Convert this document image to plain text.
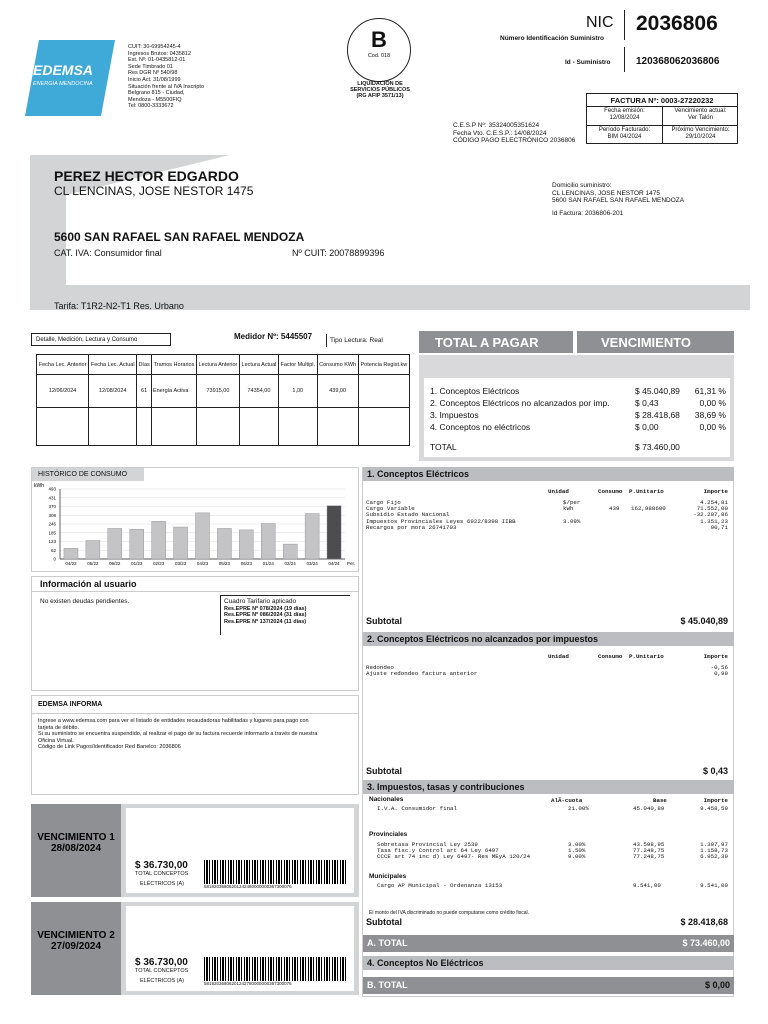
EDEMSA
ENERGIA MENDOCINA
CUIT: 30-69954245-4
Ingresos Brutos: 0435812
Est. Nº: 01-0435812-01
Sede Timbrado 01
Res DGR Nº 540/98
Inicio Act. 31/08/1999
Situación frente al IVA Inscripto
Belgrano 815 - Ciudad,
Mendoza - M5500FIQ
Tel: 0800-3333672
B
Cod. 018
LIQUIDACIÓN DE
SERVICIOS PÚBLICOS
(RG AFIP 3571/13)
NIC 2036806
Número Identificación Suministro
Id - Suministro	120368062036806
C.E.S.P Nº: 35324005351624
Fecha Vto. C.E.S.P.: 14/08/2024
CÓDIGO PAGO ELECTRÓNICO 2036806
FACTURA Nº: 0003-27220232
Fecha emisión:
12/08/2024
Vencimiento actual:
Ver Talón
Período Facturado:
BIM 04/2024
Próximo Vencimiento:
29/10/2024
PEREZ HECTOR EDGARDO
CL LENCINAS, JOSE NESTOR 1475
5600 SAN RAFAEL SAN RAFAEL MENDOZA
CAT. IVA: Consumidor final	Nº CUIT: 20078899396
Tarifa: T1R2-N2-T1 Res. Urbano
Domicilio suministro:
CL LENCINAS, JOSE NESTOR 1475
5600 SAN RAFAEL SAN RAFAEL MENDOZA
Id Factura: 2036806-201
Detalle, Medición, Lectura y Consumo	Medidor Nº: 5445507	Tipo Lectura: Real
Fecha Lec. Anterior	Fecha Lec. Actual	Días	Tramos Horarios	Lectura Anterior	Lectura Actual	Factor Multipl.	Consumo KWh	Potencia Regist.kw
12/06/2024	12/08/2024	61	Energía Activa	73915,00	74354,00	1,00	439,00	

TOTAL A PAGAR	VENCIMIENTO
1. Conceptos Eléctricos	$ 45.040,89 61,31 %
2. Conceptos Eléctricos no alcanzados por imp.	$ 0,43	0,00 %
3. Impuestos	$ 28.418,68 38,69 %
4. Conceptos no eléctricos	$ 0,00	0,00 %
TOTAL	$ 73.460,00
HISTÓRICO DE CONSUMO
kWh
0
62
123
185
246
308
370
431
493
04/22 05/22 06/22 01/23 02/23 03/23 04/23 05/23 06/23 01/24 02/24 03/24 04/24 Per.
Información al usuario
No existen deudas pendientes.	Cuadro Tarifario aplicado
Res.EPRE Nº 078/2024 (19 días)
Res.EPRE Nº 086/2024 (31 días)
Res.EPRE Nº 137/2024 (11 días)
EDEMSA INFORMA
Ingrese a www.edemsa.com para ver el listado de entidades recaudadoras habilitadas y lugares para pago con
tarjeta de débito.
Si su suministro se encuentra suspendido, al realizar el pago de su factura recuerde informarlo a través de nuestra
Oficina Virtual.
Código de Link Pagos/Identificador Red Banelco: 2036806
VENCIMIENTO 1
28/08/2024
$ 36.730,00
TOTAL CONCEPTOS
ELÉCTRICOS (A)	58192036806201242480000000367300076
VENCIMIENTO 2
27/09/2024
$ 36.730,00
TOTAL CONCEPTOS
ELÉCTRICOS (A)	58192036806201242780000000367300076
1. Conceptos Eléctricos
Unidad	Consumo P.Unitario	Importe
Cargo Fijo	$/per	4.254,81
Cargo Variable	kWh	439 162,988600	71.552,00
Subsidio Estado Nacional	-32.207,86
Impuestos Provinciales Leyes 6922/8398 IIBB	3.09%	1.351,23
Recargos por mora 26741703	90,71
Subtotal	$ 45.040,89
2. Conceptos Eléctricos no alcanzados por impuestos
Unidad	Consumo P.Unitario	Importe
Redondeo	-0,56
Ajuste redondeo factura anterior	0,99
Subtotal	$ 0,43
3. Impuestos, tasas y contribuciones
Nacionales	AlÃ-cuota	Base	Importe
I.V.A. Consumidor final	21.00%	45.040,89	9.458,59
Provinciales
Sobretasa Provincial Ley 2539	3.00%	43.598,95	1.307,97
Tasa fisc.y Control art 64 Ley 6497	1.50%	77.248,75	1.158,73
CCCE art 74 inc d) Ley 6497- Res MEyA 120/24	9.00%	77.248,75	6.952,39
Municipales
Cargo AP Municipal - Ordenanza 13153	9.541,00	9.541,00
El monto del IVA discriminado no puede computarse como crédito fiscal.
Subtotal	$ 28.418,68
A. TOTAL	$ 73.460,00
4. Conceptos No Eléctricos
B. TOTAL	$ 0,00
